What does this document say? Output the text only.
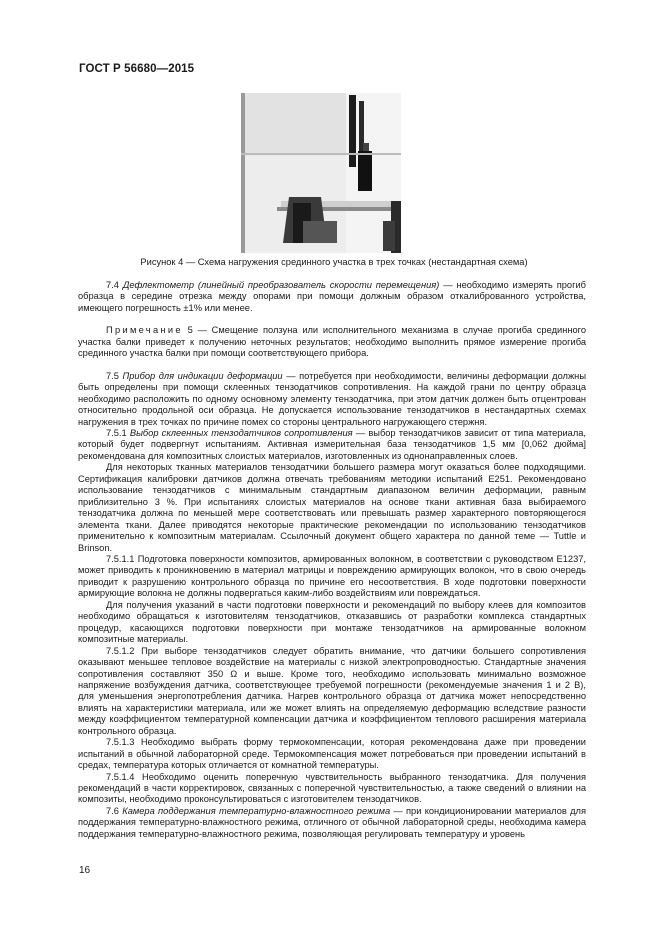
ГОСТ Р 56680—2015
Рисунок 4 — Схема нагружения срединного участка в трех точках (нестандартная схема)

7.4 Дефлектометр (линейный преобразователь скорости перемещения) — необходимо измерять прогиб образца в середине отрезка между опорами при помощи должным образом откалиброванного устройства, имеющего погрешность ±1% или менее.

Примечание 5 — Смещение ползуна или исполнительного механизма в случае прогиба срединного участка балки приведет к получению неточных результатов; необходимо выполнить прямое измерение прогиба срединного участка балки при помощи соответствующего прибора.

7.5 Прибор для индикации деформации — потребуется при необходимости, величины деформации должны быть определены при помощи склеенных тензодатчиков сопротивления. На каждой грани по центру образца необходимо расположить по одному основному элементу тензодатчика, при этом датчик должен быть отцентрован относительно продольной оси образца. Не допускается использование тензодатчиков в нестандартных схемах нагружения в трех точках по причине помех со стороны центрального нагружающего стержня.

7.5.1 Выбор склеенных тензодатчиков сопротивления — выбор тензодатчиков зависит от типа материала, который будет подвергнут испытаниям. Активная измерительная база тензодатчиков 1,5 мм [0,062 дюйма] рекомендована для композитных слоистых материалов, изготовленных из однонаправленных слоев.

Для некоторых тканных материалов тензодатчики большего размера могут оказаться более подходящими. Сертификация калибровки датчиков должна отвечать требованиям методики испытаний Е251. Рекомендовано использование тензодатчиков с минимальным стандартным диапазоном величин деформации, равным приблизительно 3 %. При испытаниях слоистых материалов на основе ткани активная база выбираемого тензодатчика должна по меньшей мере соответствовать или превышать размер характерного повторяющегося элемента ткани. Далее приводятся некоторые практические рекомендации по использованию тензодатчиков применительно к композитным материалам. Ссылочный документ общего характера по данной теме — Tuttle и Brinson.

7.5.1.1 Подготовка поверхности композитов, армированных волокном, в соответствии с руководством Е1237, может приводить к проникновению в материал матрицы и повреждению армирующих волокон, что в свою очередь приводит к разрушению контрольного образца по причине его несоответствия. В ходе подготовки поверхности армирующие волокна не должны подвергаться каким-либо воздействиям или повреждаться.

Для получения указаний в части подготовки поверхности и рекомендаций по выбору клеев для композитов необходимо обращаться к изготовителям тензодатчиков, отказавшись от разработки комплекса стандартных процедур, касающихся подготовки поверхности при монтаже тензодатчиков на армированные волокном композитные материалы.

7.5.1.2 При выборе тензодатчиков следует обратить внимание, что датчики большего сопротивления оказывают меньшее тепловое воздействие на материалы с низкой электропроводностью. Стандартные значения сопротивления составляют 350 Ω и выше. Кроме того, необходимо использовать минимально возможное напряжение возбуждения датчика, соответствующее требуемой погрешности (рекомендуемые значения 1 и 2 В), для уменьшения энергопотребления датчика. Нагрев контрольного образца от датчика может непосредственно влиять на характеристики материала, или же может влиять на определяемую деформацию вследствие разности между коэффициентом температурной компенсации датчика и коэффициентом теплового расширения материала контрольного образца.

7.5.1.3 Необходимо выбрать форму термокомпенсации, которая рекомендована даже при проведении испытаний в обычной лабораторной среде. Термокомпенсация может потребоваться при проведении испытаний в средах, температура которых отличается от комнатной температуры.

7.5.1.4 Необходимо оценить поперечную чувствительность выбранного тензодатчика. Для получения рекомендаций в части корректировок, связанных с поперечной чувствительностью, а также сведений о влиянии на композиты, необходимо проконсультироваться с изготовителем тензодатчиков.

7.6 Камера поддержания температурно-влажностного режима — при кондиционировании материалов для поддержания температурно-влажностного режима, отличного от обычной лабораторной среды, необходима камера поддержания температурно-влажностного режима, позволяющая регулировать температуру и уровень

16
